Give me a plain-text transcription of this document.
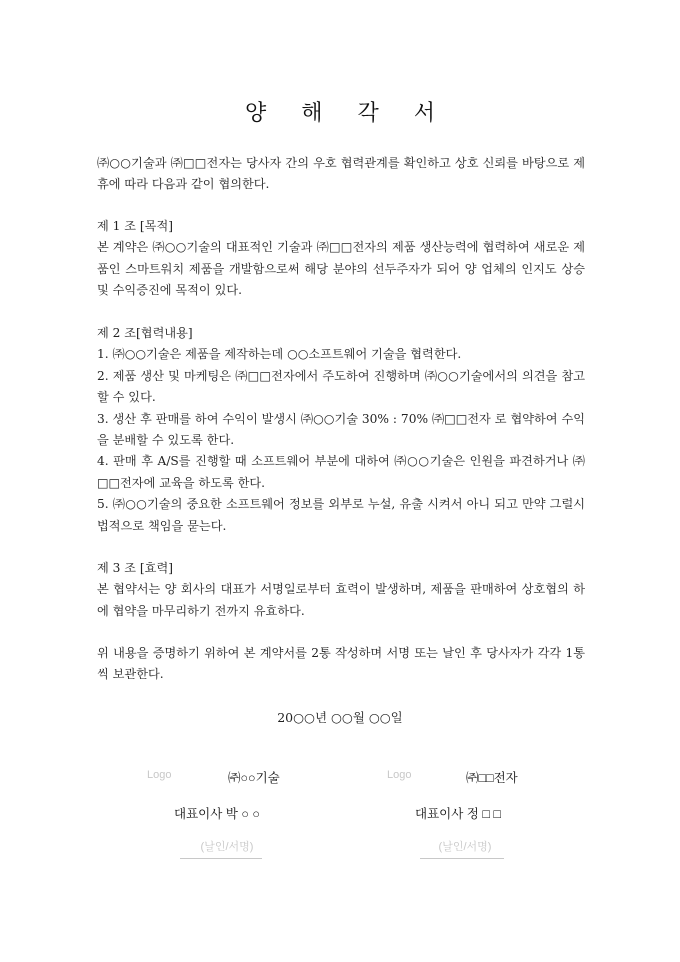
양 해 각 서

㈜○○기술과 ㈜□□전자는 당사자 간의 우호 협력관계를 확인하고 상호 신뢰를 바탕으로 제휴에 따라 다음과 같이 협의한다.

제 1 조 [목적]

본 계약은 ㈜○○기술의 대표적인 기술과 ㈜□□전자의 제품 생산능력에 협력하여 새로운 제품인 스마트워치 제품을 개발함으로써 해당 분야의 선두주자가 되어 양 업체의 인지도 상승 및 수익증진에 목적이 있다.

제 2 조[협력내용]

1. ㈜○○기술은 제품을 제작하는데 ○○소프트웨어 기술을 협력한다.

2. 제품 생산 및 마케팅은 ㈜□□전자에서 주도하여 진행하며 ㈜○○기술에서의 의견을 참고할 수 있다.

3. 생산 후 판매를 하여 수익이 발생시 ㈜○○기술 30% : 70% ㈜□□전자 로 협약하여 수익을 분배할 수 있도록 한다.

4. 판매 후 A/S를 진행할 때 소프트웨어 부분에 대하여 ㈜○○기술은 인원을 파견하거나 ㈜□□전자에 교육을 하도록 한다.

5. ㈜○○기술의 중요한 소프트웨어 정보를 외부로 누설, 유출 시켜서 아니 되고 만약 그럴시 법적으로 책임을 묻는다.

제 3 조 [효력]

본 협약서는 양 회사의 대표가 서명일로부터 효력이 발생하며, 제품을 판매하여 상호협의 하에 협약을 마무리하기 전까지 유효하다.

위 내용을 증명하기 위하여 본 계약서를 2통 작성하며 서명 또는 날인 후 당사자가 각각 1통씩 보관한다.

20○○년 ○○월 ○○일
Logo	㈜○○기술
대표이사 박 ○ ○
(날인/서명)
Logo	㈜□□전자
대표이사 정 □ □
(날인/서명)
